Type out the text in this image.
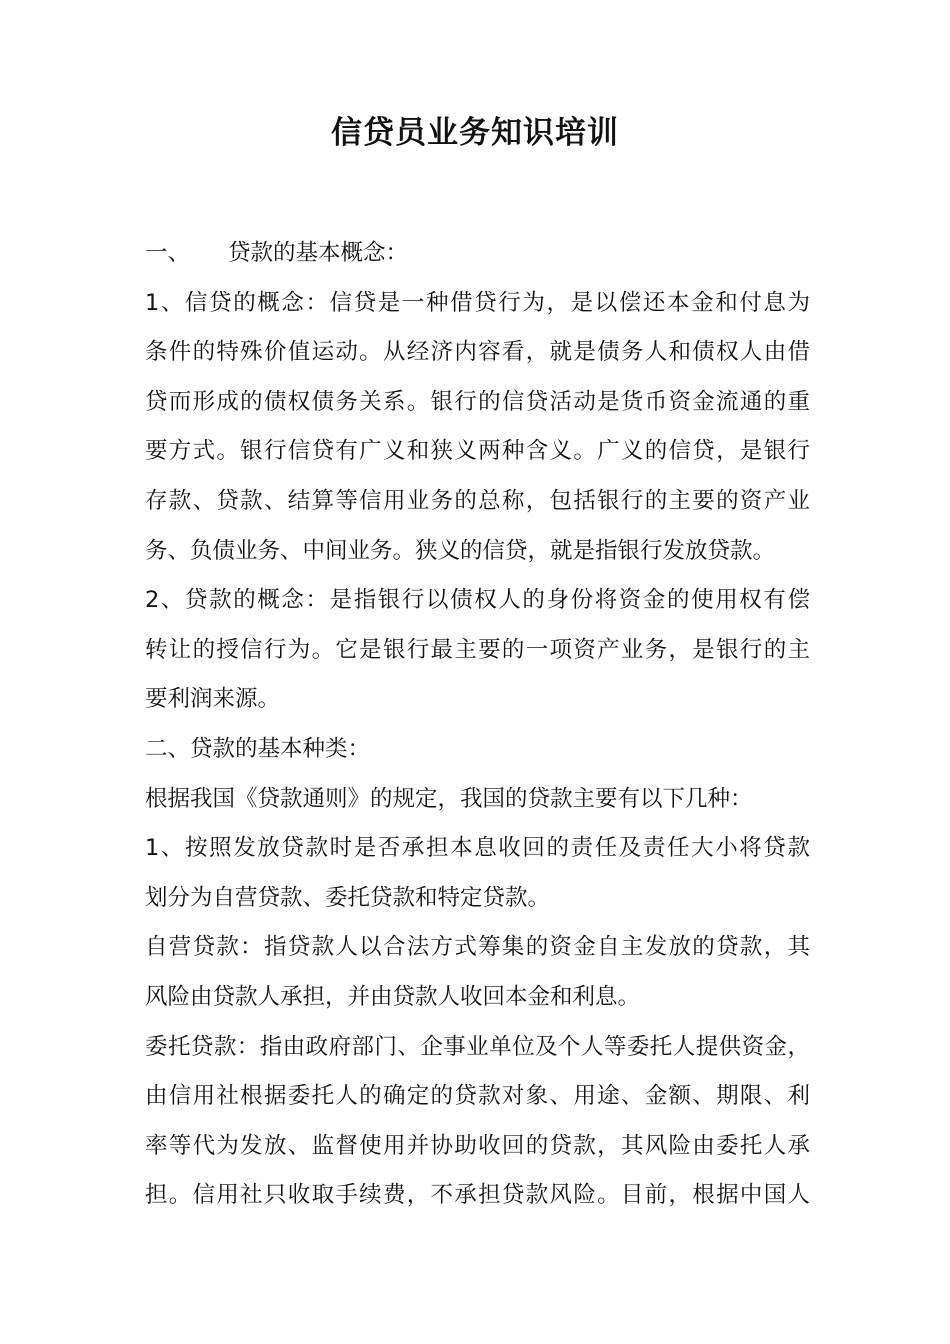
信贷员业务知识培训

一、 贷款的基本概念：

1、信贷的概念：信贷是一种借贷行为，是以偿还本金和付息为

条件的特殊价值运动。从经济内容看，就是债务人和债权人由借

贷而形成的债权债务关系。银行的信贷活动是货币资金流通的重

要方式。银行信贷有广义和狭义两种含义。广义的信贷，是银行

存款、贷款、结算等信用业务的总称，包括银行的主要的资产业

务、负债业务、中间业务。狭义的信贷，就是指银行发放贷款。

2、贷款的概念：是指银行以债权人的身份将资金的使用权有偿

转让的授信行为。它是银行最主要的一项资产业务，是银行的主

要利润来源。

二、贷款的基本种类：

根据我国《贷款通则》的规定，我国的贷款主要有以下几种：

1、按照发放贷款时是否承担本息收回的责任及责任大小将贷款

划分为自营贷款、委托贷款和特定贷款。

自营贷款：指贷款人以合法方式筹集的资金自主发放的贷款，其

风险由贷款人承担，并由贷款人收回本金和利息。

委托贷款：指由政府部门、企事业单位及个人等委托人提供资金，

由信用社根据委托人的确定的贷款对象、用途、金额、期限、利

率等代为发放、监督使用并协助收回的贷款，其风险由委托人承

担。信用社只收取手续费，不承担贷款风险。目前，根据中国人
